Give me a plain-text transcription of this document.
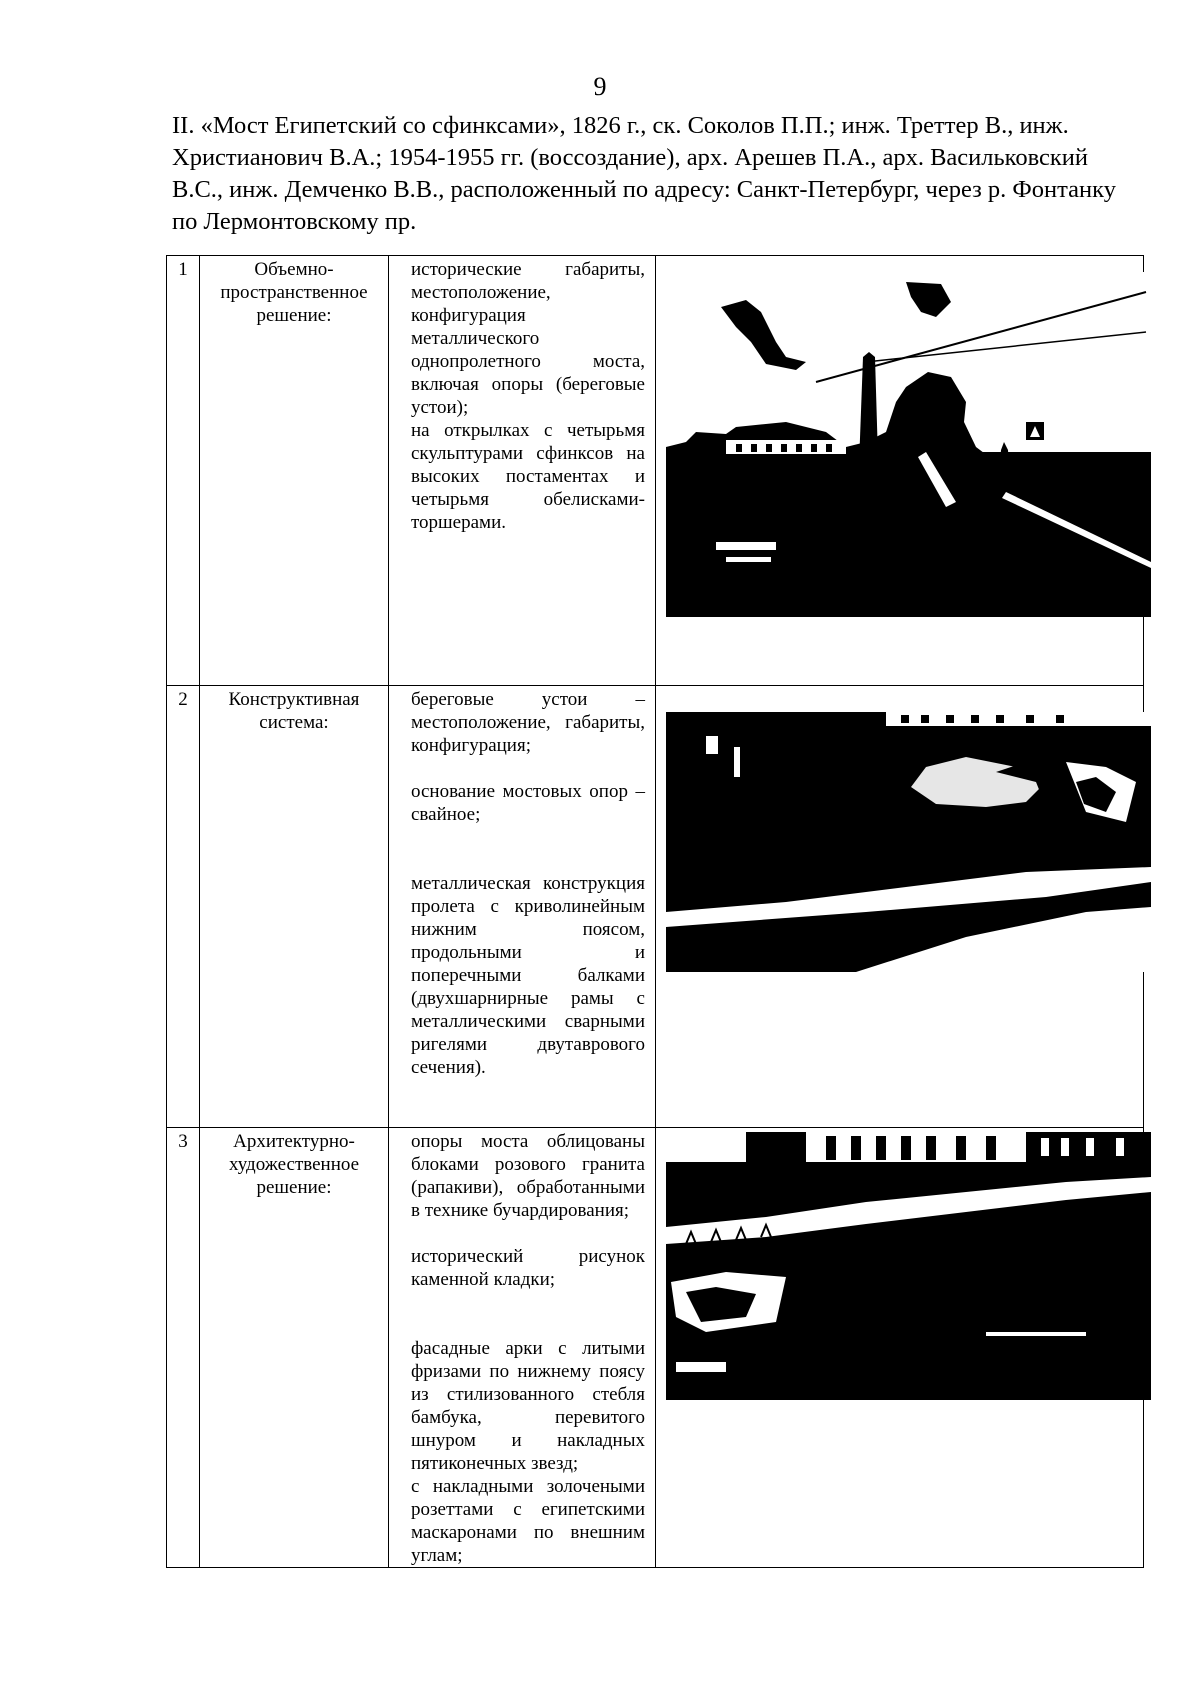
9
II. «Мост Египетский со сфинксами», 1826 г., ск. Соколов П.П.; инж. Треттер В., инж. Христианович В.А.; 1954-1955 гг. (воссоздание), арх. Арешев П.А., арх. Васильковский В.С., инж. Демченко В.В., расположенный по адресу: Санкт-Петербург, через р. Фонтанку по Лермонтовскому пр.
1	Объемно-пространственное решение:	исторические габариты, местоположение, конфигурация металлического однопролетного моста, включая опоры (береговые устои);

на открылках с четырьмя скульптурами сфинксов на высоких постаментах и четырьмя обелисками-торшерами.

2	Конструктивная система:	береговые устои – местоположение, габариты, конфигурация;

основание мостовых опор – свайное;

металлическая конструкция пролета с криволинейным нижним поясом, продольными и поперечными балками (двухшарнирные рамы с металлическими сварными ригелями двутаврового сечения).

3	Архитектурно-художественное решение:	опоры моста облицованы блоками розового гранита (рапакиви), обработанными в технике бучардирования;

исторический рисунок каменной кладки;

фасадные арки с литыми фризами по нижнему поясу из стилизованного стебля бамбука, перевитого шнуром и накладных пятиконечных звезд;

с накладными золочеными розеттами с египетскими маскаронами по внешним углам;
